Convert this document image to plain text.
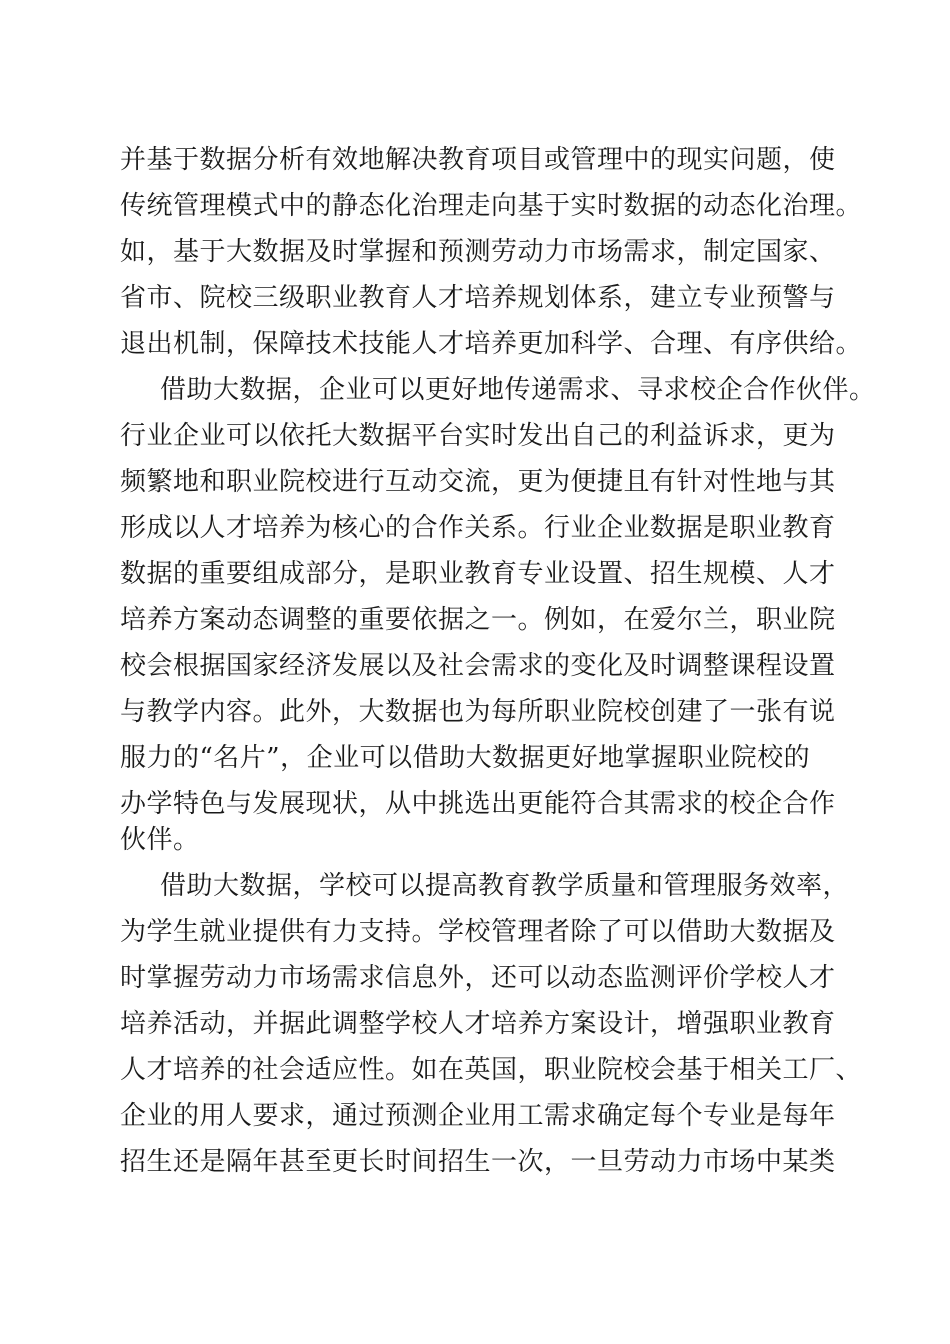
并基于数据分析有效地解决教育项目或管理中的现实问题，使
传统管理模式中的静态化治理走向基于实时数据的动态化治理。
如，基于大数据及时掌握和预测劳动力市场需求，制定国家、
省市、院校三级职业教育人才培养规划体系，建立专业预警与
退出机制，保障技术技能人才培养更加科学、合理、有序供给。
借助大数据，企业可以更好地传递需求、寻求校企合作伙伴。
行业企业可以依托大数据平台实时发出自己的利益诉求，更为
频繁地和职业院校进行互动交流，更为便捷且有针对性地与其
形成以人才培养为核心的合作关系。行业企业数据是职业教育
数据的重要组成部分，是职业教育专业设置、招生规模、人才
培养方案动态调整的重要依据之一。例如，在爱尔兰，职业院
校会根据国家经济发展以及社会需求的变化及时调整课程设置
与教学内容。此外，大数据也为每所职业院校创建了一张有说
服力的“名片”，企业可以借助大数据更好地掌握职业院校的
办学特色与发展现状，从中挑选出更能符合其需求的校企合作
伙伴。
借助大数据，学校可以提高教育教学质量和管理服务效率，
为学生就业提供有力支持。学校管理者除了可以借助大数据及
时掌握劳动力市场需求信息外，还可以动态监测评价学校人才
培养活动，并据此调整学校人才培养方案设计，增强职业教育
人才培养的社会适应性。如在英国，职业院校会基于相关工厂、
企业的用人要求，通过预测企业用工需求确定每个专业是每年
招生还是隔年甚至更长时间招生一次，一旦劳动力市场中某类
